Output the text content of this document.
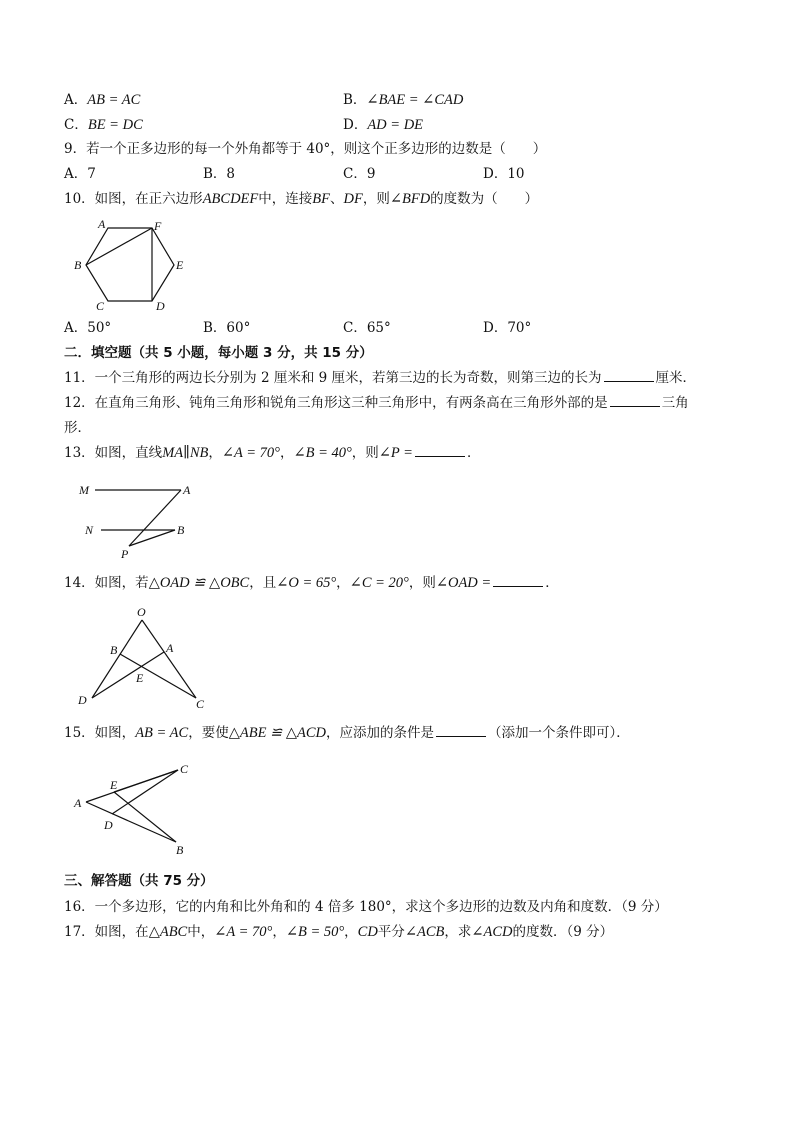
A．AB = AC	B．∠BAE = ∠CAD
C．BE = DC	D．AD = DE
9．若一个正多边形的每一个外角都等于 40°，则这个正多边形的边数是（　　）
A．7	B．8	C．9	D．10
10．如图，在正六边形ABCDEF中，连接BF、DF，则∠BFD的度数为（　　）
A	F
B	E
C	D
A．50°	B．60°	C．65°	D．70°
二．填空题（共 5 小题，每小题 3 分，共 15 分）
11．一个三角形的两边长分别为 2 厘米和 9 厘米，若第三边的长为奇数，则第三边的长为	厘米．
12．在直角三角形、钝角三角形和锐角三角形这三种三角形中，有两条高在三角形外部的是	三角
形．
13．如图，直线MA∥NB，∠A = 70°，∠B = 40°，则∠P =	．
M	A
N	B
P
14．如图，若△OAD ≌ △OBC，且∠O = 65°，∠C = 20°，则∠OAD =	．
O
B	A
E
D	C
15．如图，AB = AC，要使△ABE ≌ △ACD，应添加的条件是	（添加一个条件即可）．
A
E
C
D
B
三、解答题（共 75 分）
16．一个多边形，它的内角和比外角和的 4 倍多 180°，求这个多边形的边数及内角和度数．（9 分）
17．如图，在△ABC中，∠A = 70°，∠B = 50°，CD平分∠ACB，求∠ACD的度数．（9 分）
